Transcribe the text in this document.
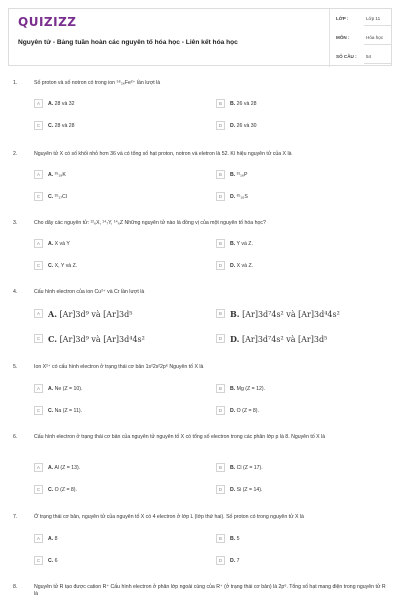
QUIZIZZ
Nguyên tử - Bảng tuần hoàn các nguyên tố hóa học - Liên kết hóa học
LỚP :	Lớp 11
MÔN :	Hóa học
SỐ CÂU : 54
1.	Số proton và số notron có trong ion ⁵⁶₂₆Fe²⁺ lần lượt là
A	A. 28 và 32	B	B. 26 và 28
C	C. 28 và 28	D	D. 26 và 30
2.	Nguyên tử X có số khối nhỏ hơn 36 và có tổng số hạt proton, notron và eletron là 52. Kí hiệu nguyên tử của X là
A	A. ³⁵₁₈K	B	B. ³¹₁₆P
C	C. ³⁵₁₇Cl	D	D. ³⁵₁₆S
3.	Cho dãy các nguyên tử: ¹²₆X, ¹⁴₇Y, ¹⁴₆Z Những nguyên tử nào là đồng vị của một nguyên tố hóa học?
A	A. X và Y	B	B. Y và Z.
C	C. X, Y và Z.	D	D. X và Z.
4.	Cấu hình electron của ion Cu²⁺ và Cr lần lượt là
A	A. [Ar]3d⁹ và [Ar]3d⁵	B	B. [Ar]3d⁷4s² và [Ar]3d⁴4s²
C C. [Ar]3d⁹ và [Ar]3d⁴4s²	D D. [Ar]3d⁷4s² và [Ar]3d⁵
5.	Ion X²⁺ có cấu hình electron ở trạng thái cơ bản 1s²2s²2p⁶ Nguyên tố X là
A	A. Ne (Z = 10).	B	B. Mg (Z = 12).
C	C. Na (Z = 11).	D	D. O (Z = 8).
6.	Cấu hình electron ở trạng thái cơ bản của nguyên tử nguyên tố X có tổng số electron trong các phân lớp p là 8. Nguyên tố X là
A	A. Al (Z = 13).	B	B. Cl (Z = 17).
C	C. O (Z = 8).	D	D. Si (Z = 14).
7.	Ở trạng thái cơ bản, nguyên tử của nguyên tố X có 4 electron ở lớp L (lớp thứ hai). Số proton có trong nguyên tử X là
A	A. 8	B	B. 5
C	C. 6	D	D. 7
8.	Nguyên tử R tạo được cation R⁺ Cấu hình electron ở phân lớp ngoài cùng của R⁺ (ở trạng thái cơ bản) là 2p⁶. Tổng số hạt mang điện trong nguyên tử R là
